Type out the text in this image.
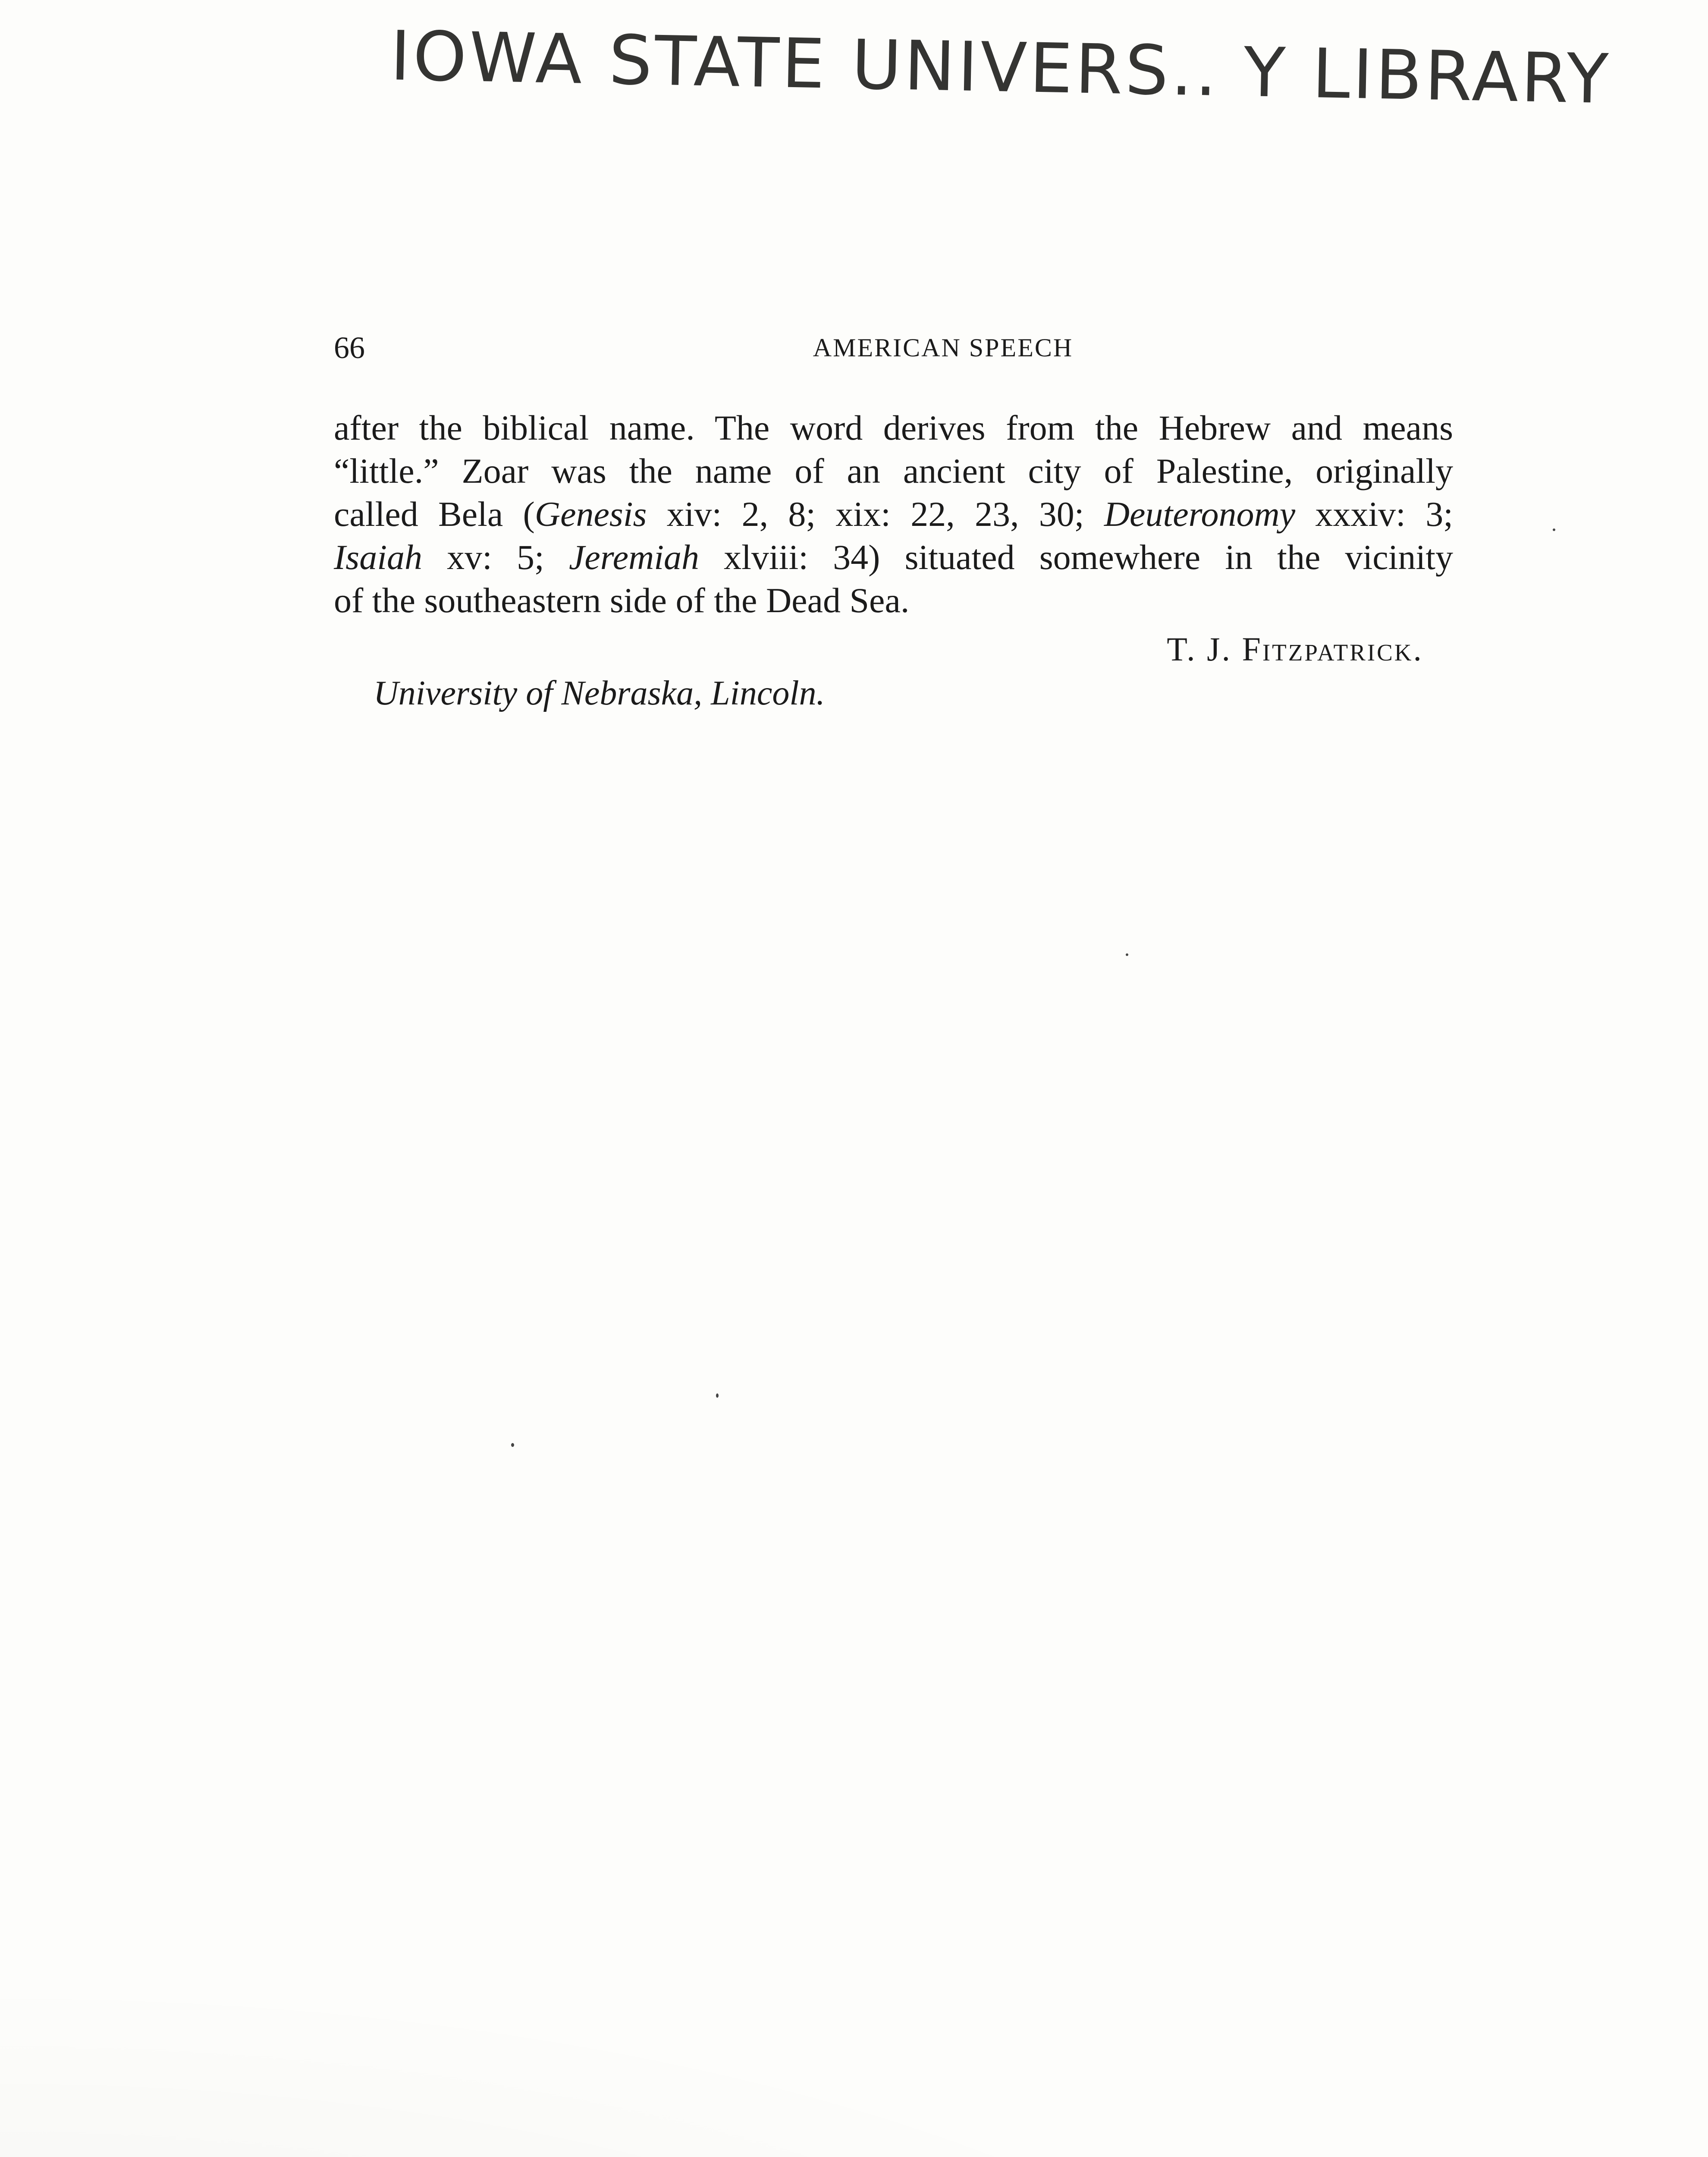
IOWA STATE UNIVERS.. Y LIBRARY
66	AMERICAN SPEECH
after the biblical name. The word derives from the Hebrew and means
“little.” Zoar was the name of an ancient city of Palestine, originally
called Bela (Genesis xiv: 2, 8; xix: 22, 23, 30; Deuteronomy xxxiv: 3;
Isaiah xv: 5; Jeremiah xlviii: 34) situated somewhere in the vicinity
of the southeastern side of the Dead Sea.
T. J. Fitzpatrick.
University of Nebraska, Lincoln.
